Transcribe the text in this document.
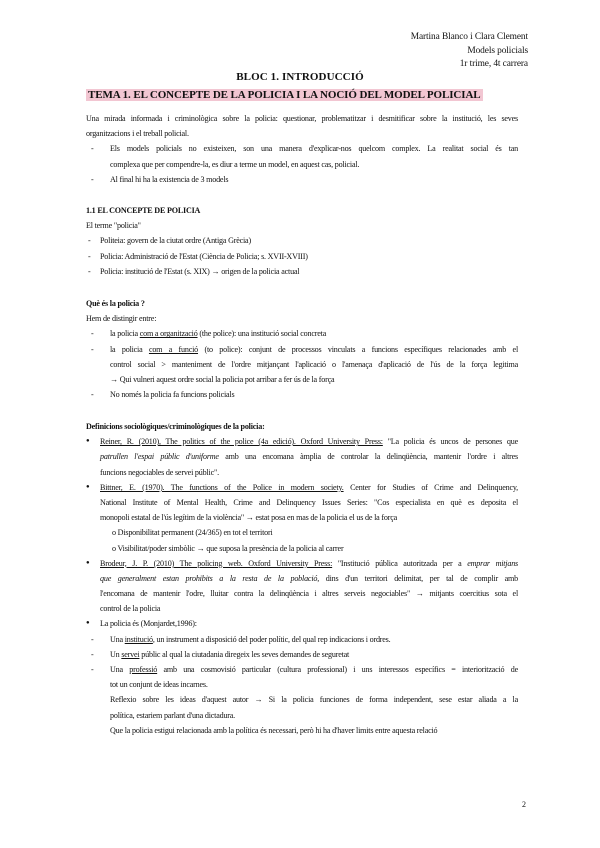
Martina Blanco i Clara Clement
Models policials
1r trime, 4t carrera
BLOC 1. INTRODUCCIÓ
TEMA 1. EL CONCEPTE DE LA POLICIA I LA NOCIÓ DEL MODEL POLICIAL
Una mirada informada i criminològica sobre la policia: questionar, problematitzar i desmitificar sobre la institució, les seves
organitzacions i el treball policial.
- Els models policials no existeixen, son una manera d'explicar-nos quelcom complex. La realitat social és tan
complexa que per compendre-la, es diur a terme un model, en aquest cas, policial.
- Al final hi ha la existencia de 3 models
1.1 EL CONCEPTE DE POLICIA
El terme "policia"
- Politeia: govern de la ciutat ordre (Antiga Grècia)
- Policia: Administració de l'Estat (Ciència de Policia; s. XVII-XVIII)
- Policia: institució de l'Estat (s. XIX) → origen de la policia actual
Què és la policia ?
Hem de distingir entre:
- la policia com a organització (the police): una institució social concreta
- la policia com a funció (to police): conjunt de processos vinculats a funcions específiques relacionades amb el
control social > manteniment de l'ordre mitjançant l'aplicació o l'amenaça d'aplicació de l'ús de la força legitima
→ Qui vulneri aquest ordre social la policia pot arribar a fer ús de la força
- No només la policia fa funcions policials
Definicions sociològiques/criminològiques de la policia:
● Reiner, R. (2010), The politics of the police (4a edició). Oxford University Press: "La policia és uncos de persones que
patrullen l'espai públic d'uniforme amb una encomana àmplia de controlar la delinqüència, mantenir l'ordre i altres
funcions negociables de servei públic".
● Bittner, E. (1970). The functions of the Police in modern society. Center for Studies of Crime and Delinquency,
National Institute of Mental Health, Crime and Delinquency Issues Series: "Cos especialista en què es deposita el
monopoli estatal de l'ús legítim de la violència" → estat posa en mas de la policia el us de la força
o Disponibilitat permanent (24/365) en tot el territori
o Visibilitat/poder simbòlic → que suposa la presència de la policia al carrer
● Brodeur, J. P. (2010) The policing web. Oxford University Press: "Institució pública autoritzada per a emprar mitjans
que generalment estan prohibits a la resta de la població, dins d'un territori delimitat, per tal de complir amb
l'encomana de mantenir l'odre, lluitar contra la delinqüència i altres serveis negociables" → mitjants coercitius sota el
control de la policia
● La policia és (Monjardet,1996):
- Una institució, un instrument a disposició del poder polític, del qual rep indicacions i ordres.
- Un servei públic al qual la ciutadania diregeix les seves demandes de seguretat
- Una professió amb una cosmovisió particular (cultura professional) i uns interessos específics = interiorització de
tot un conjunt de ideas incarnes.
Reflexio sobre les ideas d'aquest autor → Si la policia funciones de forma independent, sese estar aliada a la
política, estariem parlant d'una dictadura.
Que la policia estigui relacionada amb la política és necessari, però hi ha d'haver limits entre aquesta relació
2
